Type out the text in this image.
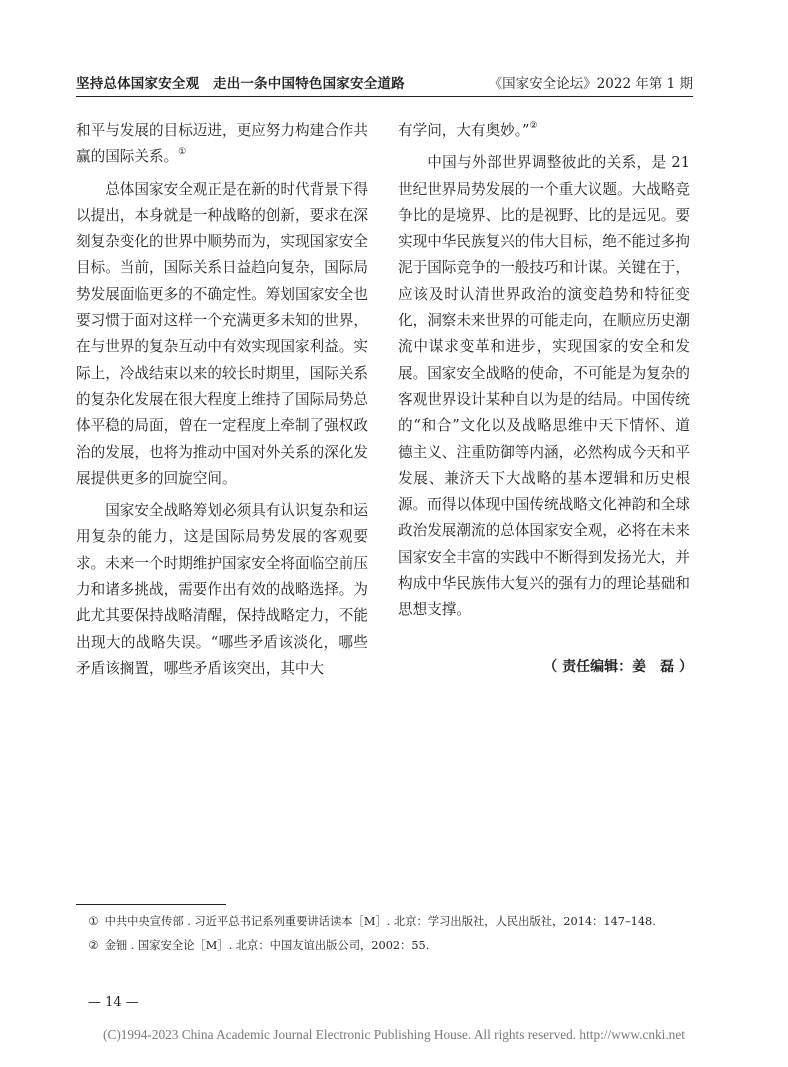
坚持总体国家安全观　走出一条中国特色国家安全道路	《国家安全论坛》2022 年第 1 期

和平与发展的目标迈进，更应努力构建合作共赢的国际关系。①

总体国家安全观正是在新的时代背景下得以提出，本身就是一种战略的创新，要求在深刻复杂变化的世界中顺势而为，实现国家安全目标。当前，国际关系日益趋向复杂，国际局势发展面临更多的不确定性。筹划国家安全也要习惯于面对这样一个充满更多未知的世界，在与世界的复杂互动中有效实现国家利益。实际上，冷战结束以来的较长时期里，国际关系的复杂化发展在很大程度上维持了国际局势总体平稳的局面，曾在一定程度上牵制了强权政治的发展，也将为推动中国对外关系的深化发展提供更多的回旋空间。

国家安全战略筹划必须具有认识复杂和运用复杂的能力，这是国际局势发展的客观要求。未来一个时期维护国家安全将面临空前压力和诸多挑战，需要作出有效的战略选择。为此尤其要保持战略清醒，保持战略定力，不能出现大的战略失误。“哪些矛盾该淡化，哪些矛盾该搁置，哪些矛盾该突出，其中大

有学问，大有奥妙。”②

中国与外部世界调整彼此的关系，是 21 世纪世界局势发展的一个重大议题。大战略竞争比的是境界、比的是视野、比的是远见。要实现中华民族复兴的伟大目标，绝不能过多拘泥于国际竞争的一般技巧和计谋。关键在于，应该及时认清世界政治的演变趋势和特征变化，洞察未来世界的可能走向，在顺应历史潮流中谋求变革和进步，实现国家的安全和发展。国家安全战略的使命，不可能是为复杂的客观世界设计某种自以为是的结局。中国传统的“和合”文化以及战略思维中天下情怀、道德主义、注重防御等内涵，必然构成今天和平发展、兼济天下大战略的基本逻辑和历史根源。而得以体现中国传统战略文化神韵和全球政治发展潮流的总体国家安全观，必将在未来国家安全丰富的实践中不断得到发扬光大，并构成中华民族伟大复兴的强有力的理论基础和思想支撑。

（ 责任编辑：姜　磊 ）

① 中共中央宣传部 . 习近平总书记系列重要讲话读本［M］. 北京：学习出版社，人民出版社，2014：147–148.

② 金钿 . 国家安全论［M］. 北京：中国友谊出版公司，2002：55.

— 14 —
(C)1994-2023 China Academic Journal Electronic Publishing House. All rights reserved. http://www.cnki.net
